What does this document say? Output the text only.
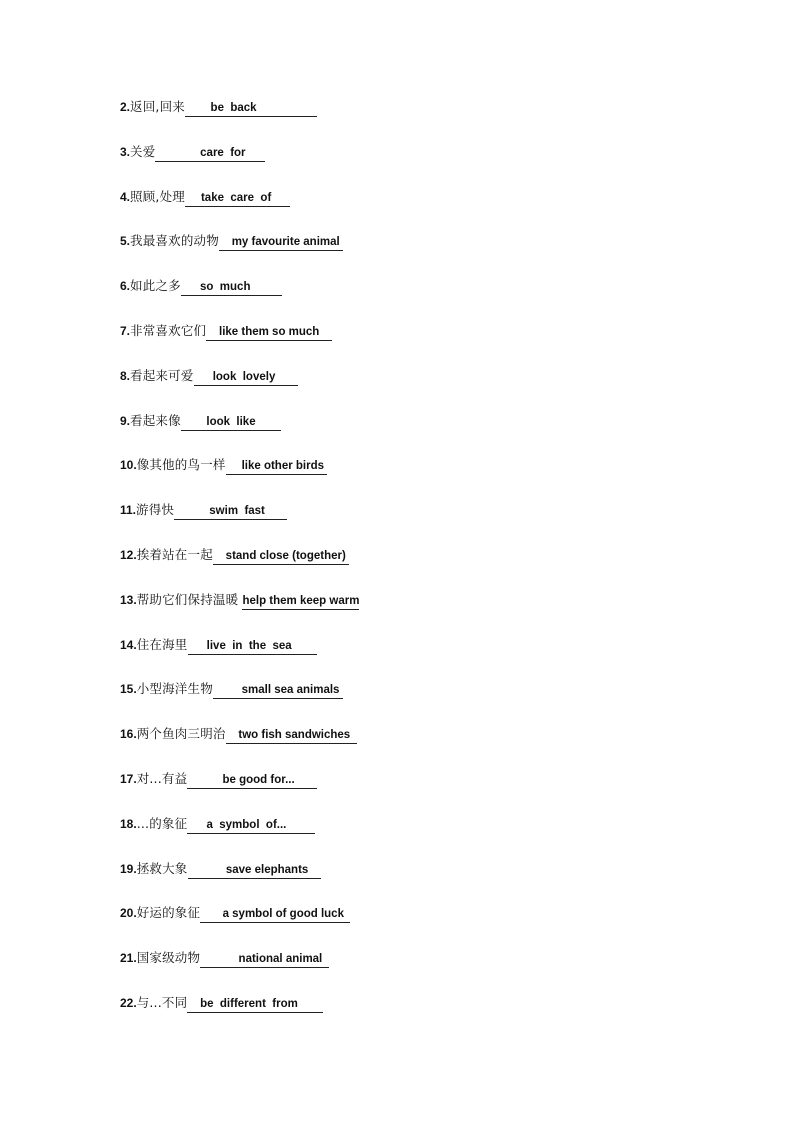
2.返回,回来        be  back
3.关爱              care  for
4.照顾,处理     take  care  of
5.我最喜欢的动物    my favourite animal
6.如此之多      so  much
7.非常喜欢它们    like them so much
8.看起来可爱      look  lovely
9.看起来像        look  like
10.像其他的鸟一样     like other birds
11.游得快           swim  fast
12.挨着站在一起    stand close (together)
13.帮助它们保持温暖 help them keep warm
14.住在海里      live  in  the  sea
15.小型海洋生物         small sea animals
16.两个鱼肉三明治    two fish sandwiches
17.对...有益           be good for...
18....的象征      a  symbol  of...
19.拯救大象            save elephants
20.好运的象征       a symbol of good luck
21.国家级动物            national animal
22.与...不同    be  different  from
